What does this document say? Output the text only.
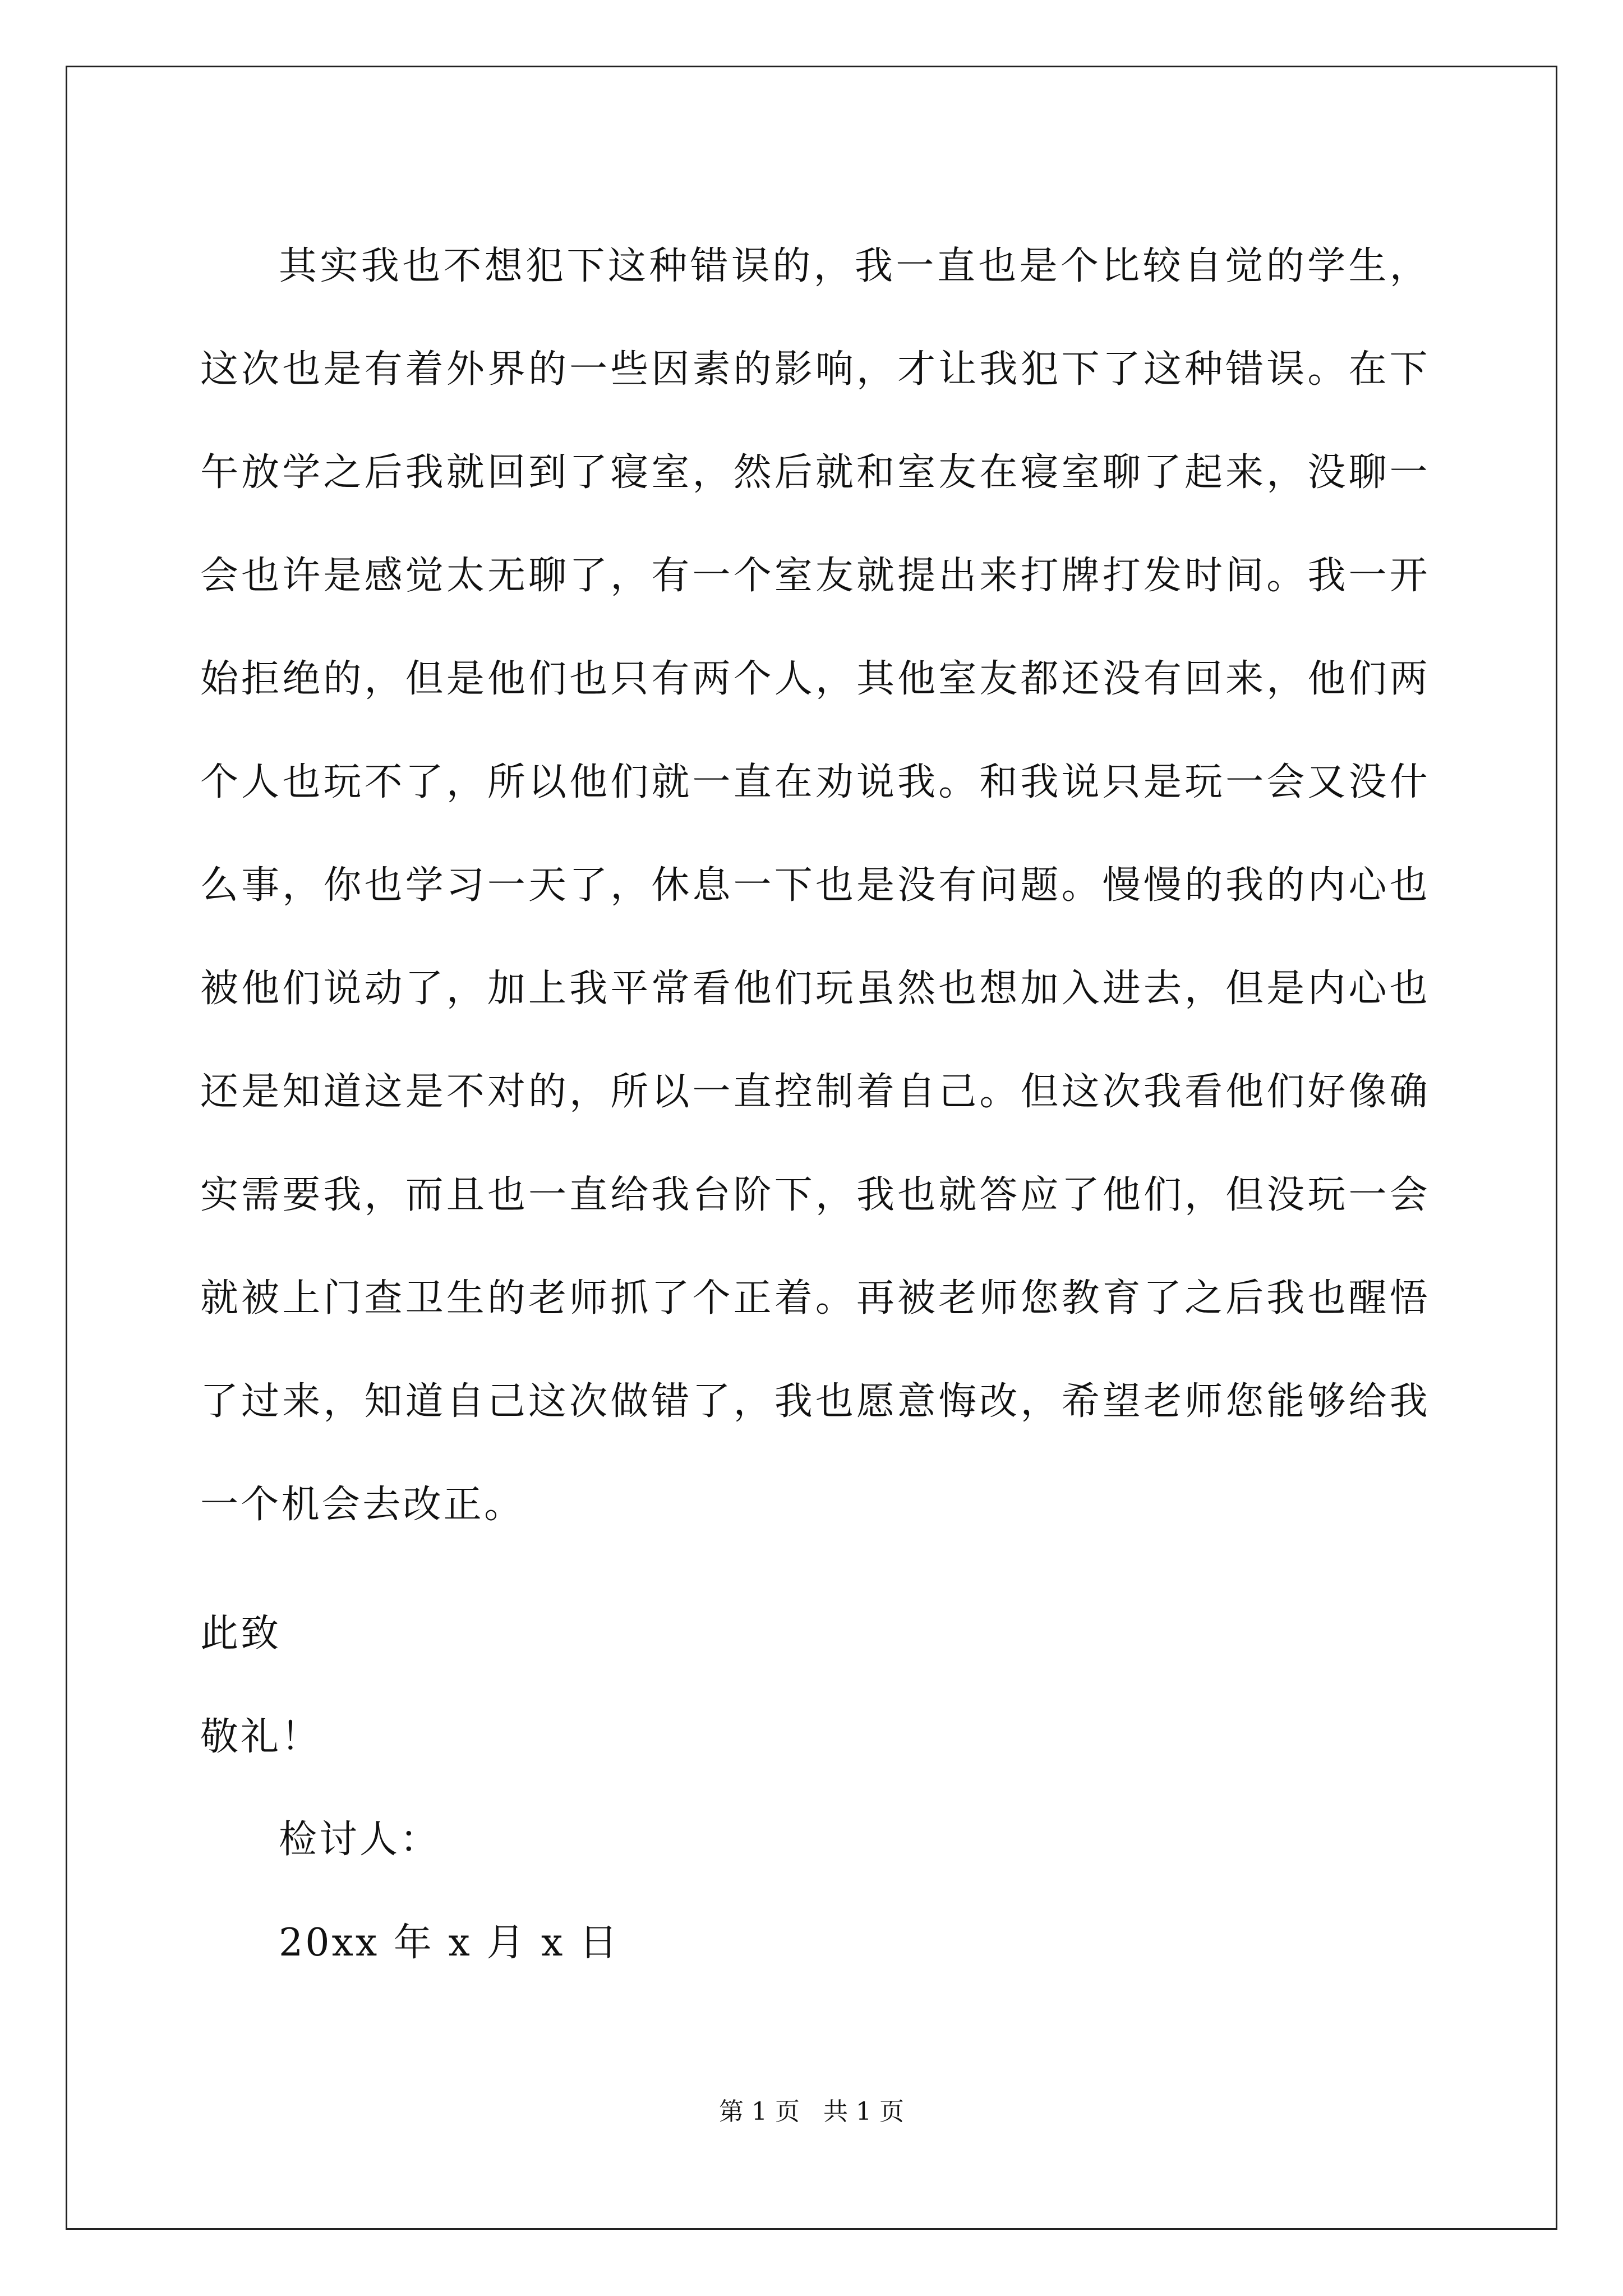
其实我也不想犯下这种错误的，我一直也是个比较自觉的学生，这次也是有着外界的一些因素的影响，才让我犯下了这种错误。在下午放学之后我就回到了寝室，然后就和室友在寝室聊了起来，没聊一会也许是感觉太无聊了，有一个室友就提出来打牌打发时间。我一开始拒绝的，但是他们也只有两个人，其他室友都还没有回来，他们两个人也玩不了，所以他们就一直在劝说我。和我说只是玩一会又没什么事，你也学习一天了，休息一下也是没有问题。慢慢的我的内心也被他们说动了，加上我平常看他们玩虽然也想加入进去，但是内心也还是知道这是不对的，所以一直控制着自己。但这次我看他们好像确实需要我，而且也一直给我台阶下，我也就答应了他们，但没玩一会就被上门查卫生的老师抓了个正着。再被老师您教育了之后我也醒悟了过来，知道自己这次做错了，我也愿意悔改，希望老师您能够给我一个机会去改正。

此致

敬礼！

检讨人：

20xx 年 x 月 x 日

第 1 页   共 1 页
